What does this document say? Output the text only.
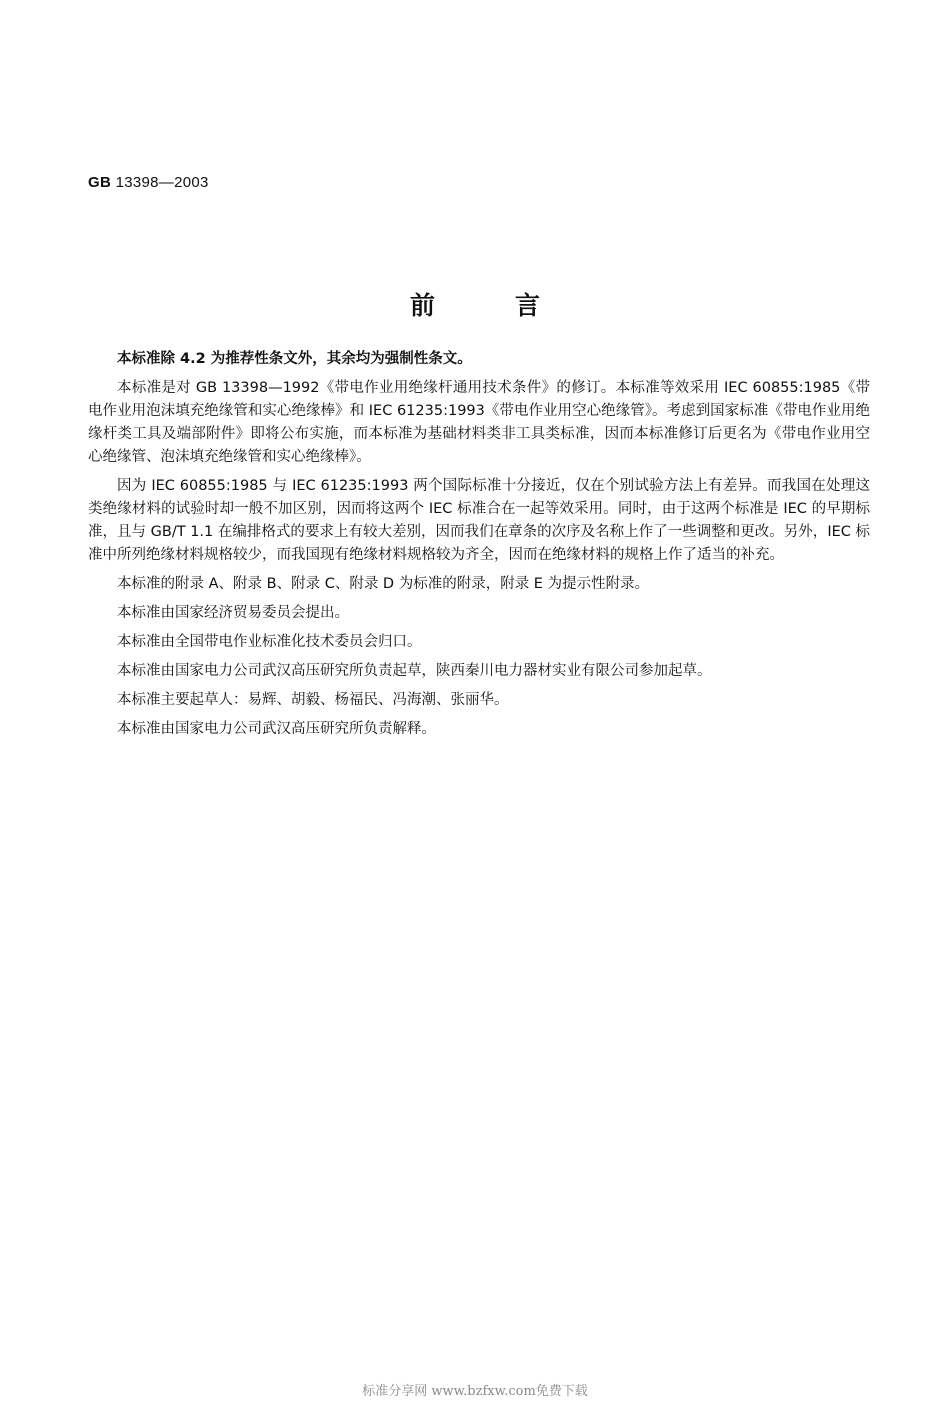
GB 13398—2003
前言

本标准除 4.2 为推荐性条文外，其余均为强制性条文。

本标准是对 GB 13398—1992《带电作业用绝缘杆通用技术条件》的修订。本标准等效采用 IEC 60855:1985《带电作业用泡沫填充绝缘管和实心绝缘棒》和 IEC 61235:1993《带电作业用空心绝缘管》。考虑到国家标准《带电作业用绝缘杆类工具及端部附件》即将公布实施，而本标准为基础材料类非工具类标准，因而本标准修订后更名为《带电作业用空心绝缘管、泡沫填充绝缘管和实心绝缘棒》。

因为 IEC 60855:1985 与 IEC 61235:1993 两个国际标准十分接近，仅在个别试验方法上有差异。而我国在处理这类绝缘材料的试验时却一般不加区别，因而将这两个 IEC 标准合在一起等效采用。同时，由于这两个标准是 IEC 的早期标准，且与 GB/T 1.1 在编排格式的要求上有较大差别，因而我们在章条的次序及名称上作了一些调整和更改。另外，IEC 标准中所列绝缘材料规格较少，而我国现有绝缘材料规格较为齐全，因而在绝缘材料的规格上作了适当的补充。

本标准的附录 A、附录 B、附录 C、附录 D 为标准的附录，附录 E 为提示性附录。

本标准由国家经济贸易委员会提出。

本标准由全国带电作业标准化技术委员会归口。

本标准由国家电力公司武汉高压研究所负责起草，陕西秦川电力器材实业有限公司参加起草。

本标准主要起草人：易辉、胡毅、杨福民、冯海潮、张丽华。

本标准由国家电力公司武汉高压研究所负责解释。

标准分享网 www.bzfxw.com免费下载
